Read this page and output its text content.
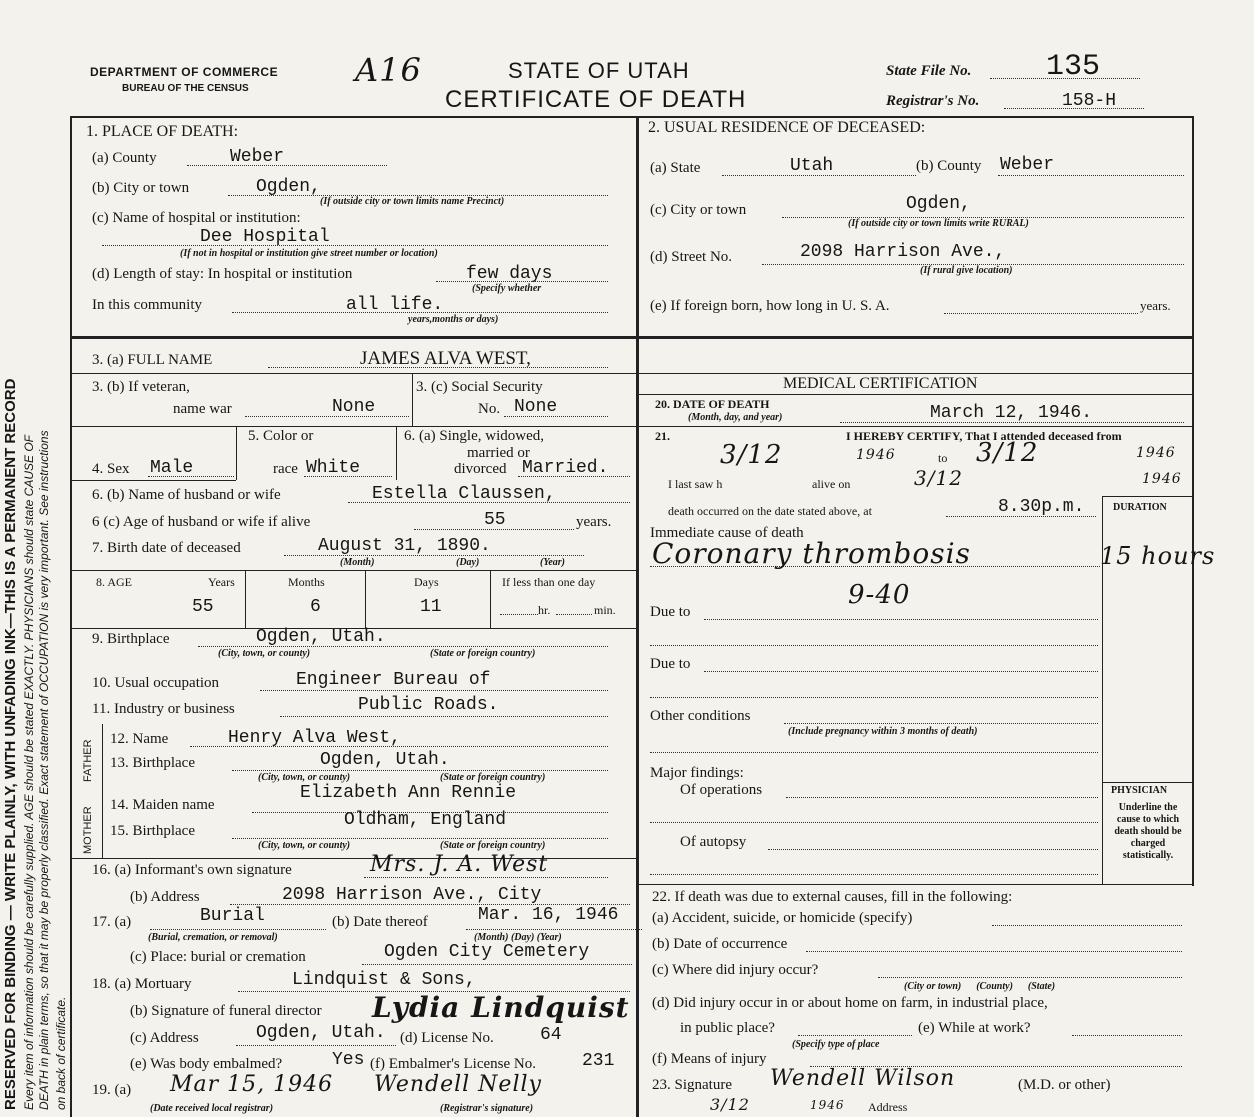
RESERVED FOR BINDING — WRITE PLAINLY, WITH UNFADING INK—THIS IS A PERMANENT RECORD Every item of information should be carefully supplied. AGE should be stated EXACTLY. PHYSICIANS should state CAUSE OF DEATH in plain terms, so that it may be properly classified. Exact statement of OCCUPATION is very important. See instructions on back of certificate.
DEPARTMENT OF COMMERCE
BUREAU OF THE CENSUS	A16	STATE OF UTAH
CERTIFICATE OF DEATH
State File No. 135
Registrar's No.	158-H
1. PLACE OF DEATH:
(a) County	Weber
(b) City or town	Ogden,
(If outside city or town limits name Precinct)
(c) Name of hospital or institution:
Dee Hospital
(If not in hospital or institution give street number or location)
(d) Length of stay: In hospital or institution	few days
(Specify whether
In this community	all life.
years,months or days)
2. USUAL RESIDENCE OF DECEASED:
(a) State	Utah	(b) County Weber
(c) City or town	Ogden,
(If outside city or town limits write RURAL)
(d) Street No.	2098 Harrison Ave.,
(If rural give location)
(e) If foreign born, how long in U. S. A.	years.
3. (a) FULL NAME	JAMES ALVA WEST,
3. (b) If veteran,
name war	None
3. (c) Social Security
No. None
5. Color or	6. (a) Single, widowed,
married or
4. Sex Male	race White	divorced Married.
6. (b) Name of husband or wife	Estella Claussen,
6 (c) Age of husband or wife if alive	55	years.
7. Birth date of deceased	August 31, 1890.
(Month)	(Day)	(Year)
8. AGE	Years	Months	Days	If less than one day
55	6	11	hr.	min.
9. Birthplace	Ogden, Utah.
(City, town, or county)	(State or foreign country)
10. Usual occupation	Engineer Bureau of
11. Industry or business	Public Roads.
FATHER
MOTHER
12. Name	Henry Alva West,
13. Birthplace	Ogden, Utah.
(City, town, or county)	(State or foreign country)
14. Maiden name
Elizabeth Ann Rennie
15. Birthplace
Oldham, England
(City, town, or county)	(State or foreign country)
16. (a) Informant's own signature	Mrs. J. A. West
(b) Address	2098 Harrison Ave., City
17. (a)	Burial
(Burial, cremation, or removal)
(b) Date thereof	Mar. 16, 1946
(Month) (Day) (Year)
(c) Place: burial or cremation	Ogden City Cemetery
18. (a) Mortuary	Lindquist & Sons,
(b) Signature of funeral director Lydia Lindquist
(c) Address	Ogden, Utah. (d) License No.	64
(e) Was body embalmed?	Yes (f) Embalmer's License No.	231
19. (a) Mar 15, 1946 Wendell Nelly
(Date received local registrar)	(Registrar's signature)
MEDICAL CERTIFICATION
20. DATE OF DEATH
(Month, day, and year)	March 12, 1946.
21.	I HEREBY CERTIFY, That I attended deceased from
3/12	1946	to 3/12	1946
I last saw h	alive on	3/12	1946
death occurred on the date stated above, at	8.30p.m.	DURATION
Immediate cause of death
Coronary thrombosis	15 hours
9-40
Due to
Due to
Other conditions
(Include pregnancy within 3 months of death)
Major findings:
Of operations
Of autopsy
PHYSICIAN
Underline the cause to which death should be charged statistically.
22. If death was due to external causes, fill in the following:
(a) Accident, suicide, or homicide (specify)
(b) Date of occurrence
(c) Where did injury occur?
(City or town)      (County)      (State)
(d) Did injury occur in or about home on farm, in industrial place,
in public place?	(e) While at work?
(Specify type of place
(f) Means of injury
23. Signature Wendell Wilson	(M.D. or other)
3/12	1946 Address
